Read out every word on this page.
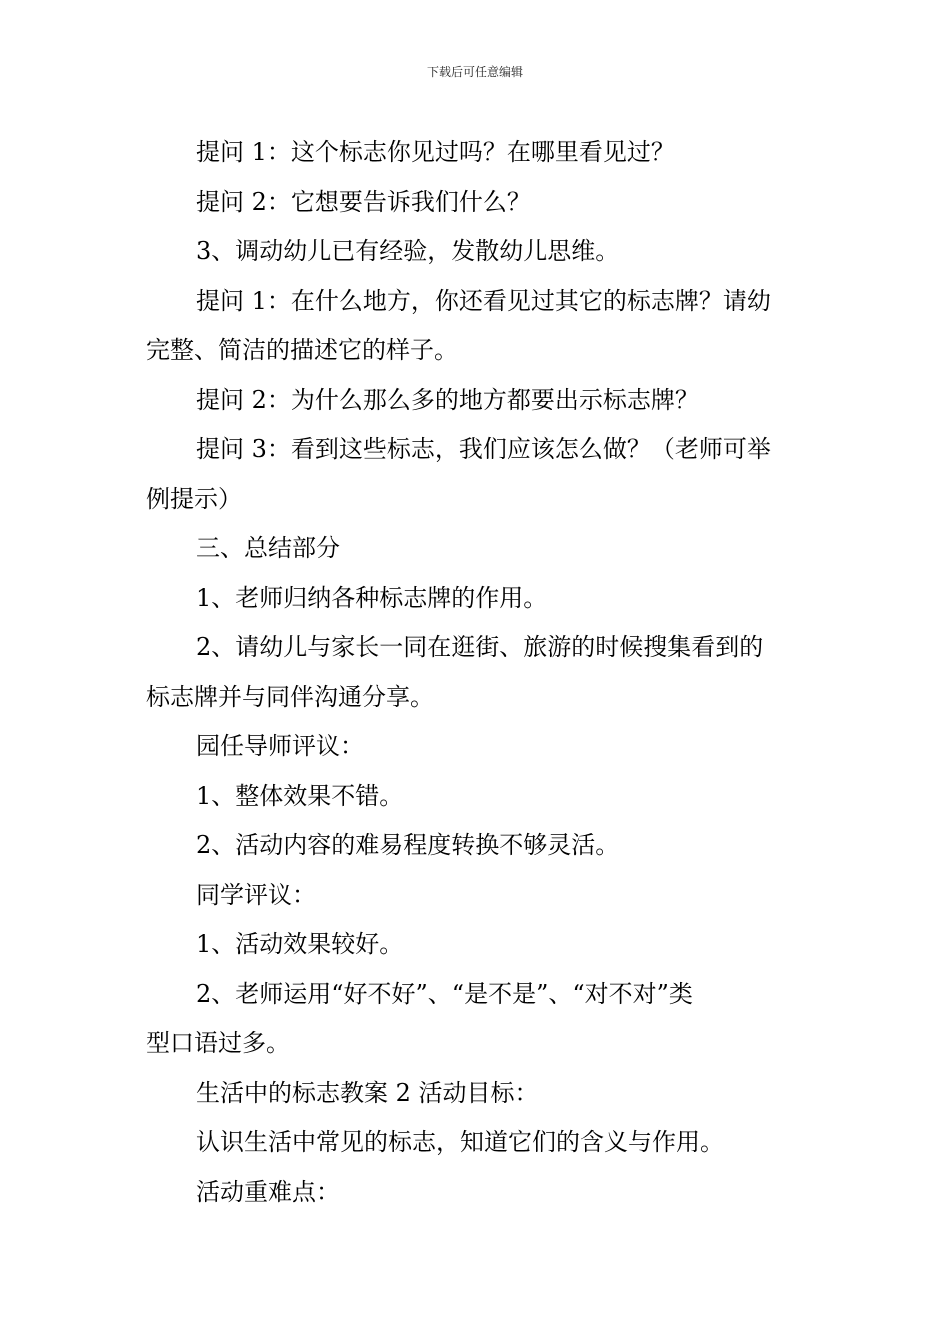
下载后可任意编辑
提问 1：这个标志你见过吗？在哪里看见过？
提问 2：它想要告诉我们什么？
3、调动幼儿已有经验，发散幼儿思维。
提问 1：在什么地方，你还看见过其它的标志牌？请幼
完整、简洁的描述它的样子。
提问 2：为什么那么多的地方都要出示标志牌？
提问 3：看到这些标志，我们应该怎么做？（老师可举
例提示）
三、总结部分
1、老师归纳各种标志牌的作用。
2、请幼儿与家长一同在逛街、旅游的时候搜集看到的
标志牌并与同伴沟通分享。
园任导师评议：
1、整体效果不错。
2、活动内容的难易程度转换不够灵活。
同学评议：
1、活动效果较好。
2、老师运用“好不好”、“是不是”、“对不对”类
型口语过多。
生活中的标志教案 2 活动目标：
认识生活中常见的标志，知道它们的含义与作用。
活动重难点：
